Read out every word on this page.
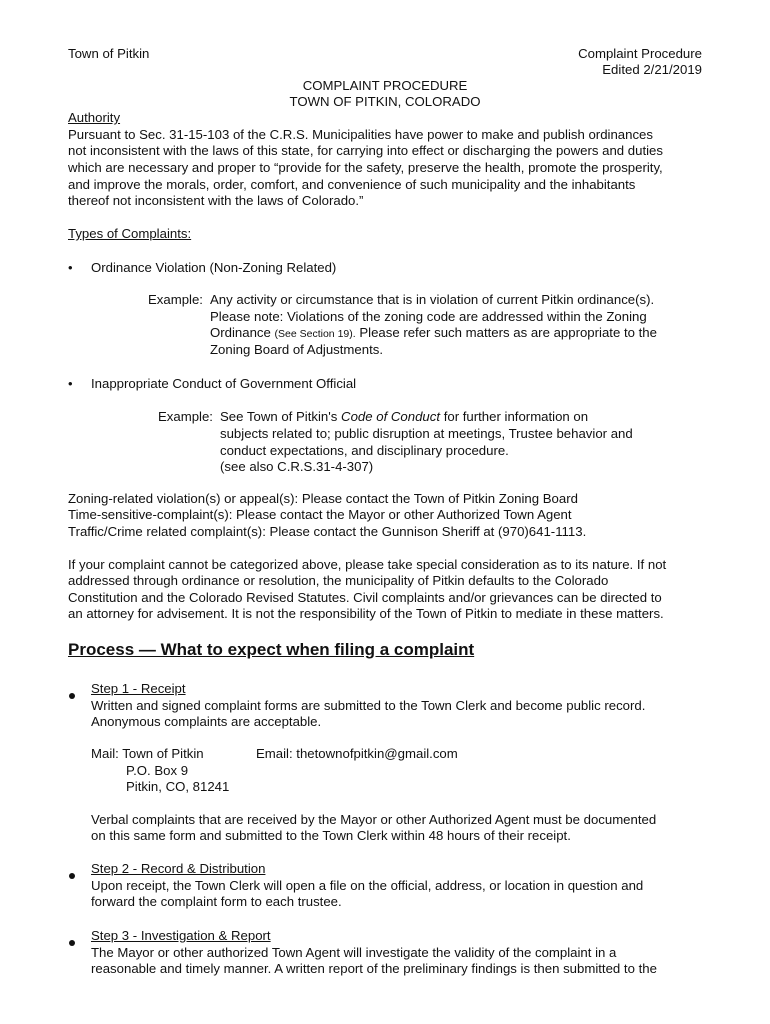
Town of Pitkin	Complaint Procedure
Edited 2/21/2019
COMPLAINT PROCEDURE
TOWN OF PITKIN, COLORADO
Authority
Pursuant to Sec. 31-15-103 of the C.R.S. Municipalities have power to make and publish ordinances
not inconsistent with the laws of this state, for carrying into effect or discharging the powers and duties
which are necessary and proper to “provide for the safety, preserve the health, promote the prosperity,
and improve the morals, order, comfort, and convenience of such municipality and the inhabitants
thereof not inconsistent with the laws of Colorado.”
Types of Complaints:
• Ordinance Violation (Non-Zoning Related)
Example: Any activity or circumstance that is in violation of current Pitkin ordinance(s).
Please note: Violations of the zoning code are addressed within the Zoning
Ordinance (See Section 19). Please refer such matters as are appropriate to the
Zoning Board of Adjustments.
• Inappropriate Conduct of Government Official
Example: See Town of Pitkin's Code of Conduct for further information on
subjects related to; public disruption at meetings, Trustee behavior and
conduct expectations, and disciplinary procedure.
(see also C.R.S.31-4-307)
Zoning-related violation(s) or appeal(s): Please contact the Town of Pitkin Zoning Board
Time-sensitive-complaint(s): Please contact the Mayor or other Authorized Town Agent
Traffic/Crime related complaint(s): Please contact the Gunnison Sheriff at (970)641-1113.
If your complaint cannot be categorized above, please take special consideration as to its nature. If not
addressed through ordinance or resolution, the municipality of Pitkin defaults to the Colorado
Constitution and the Colorado Revised Statutes. Civil complaints and/or grievances can be directed to
an attorney for advisement. It is not the responsibility of the Town of Pitkin to mediate in these matters.
Process — What to expect when filing a complaint
Step 1 - Receipt
Written and signed complaint forms are submitted to the Town Clerk and become public record.
Anonymous complaints are acceptable.
Mail: Town of Pitkin	Email: thetownofpitkin@gmail.com
P.O. Box 9
Pitkin, CO, 81241
Verbal complaints that are received by the Mayor or other Authorized Agent must be documented
on this same form and submitted to the Town Clerk within 48 hours of their receipt.
Step 2 - Record & Distribution
Upon receipt, the Town Clerk will open a file on the official, address, or location in question and
forward the complaint form to each trustee.
Step 3 - Investigation & Report
The Mayor or other authorized Town Agent will investigate the validity of the complaint in a
reasonable and timely manner. A written report of the preliminary findings is then submitted to the
